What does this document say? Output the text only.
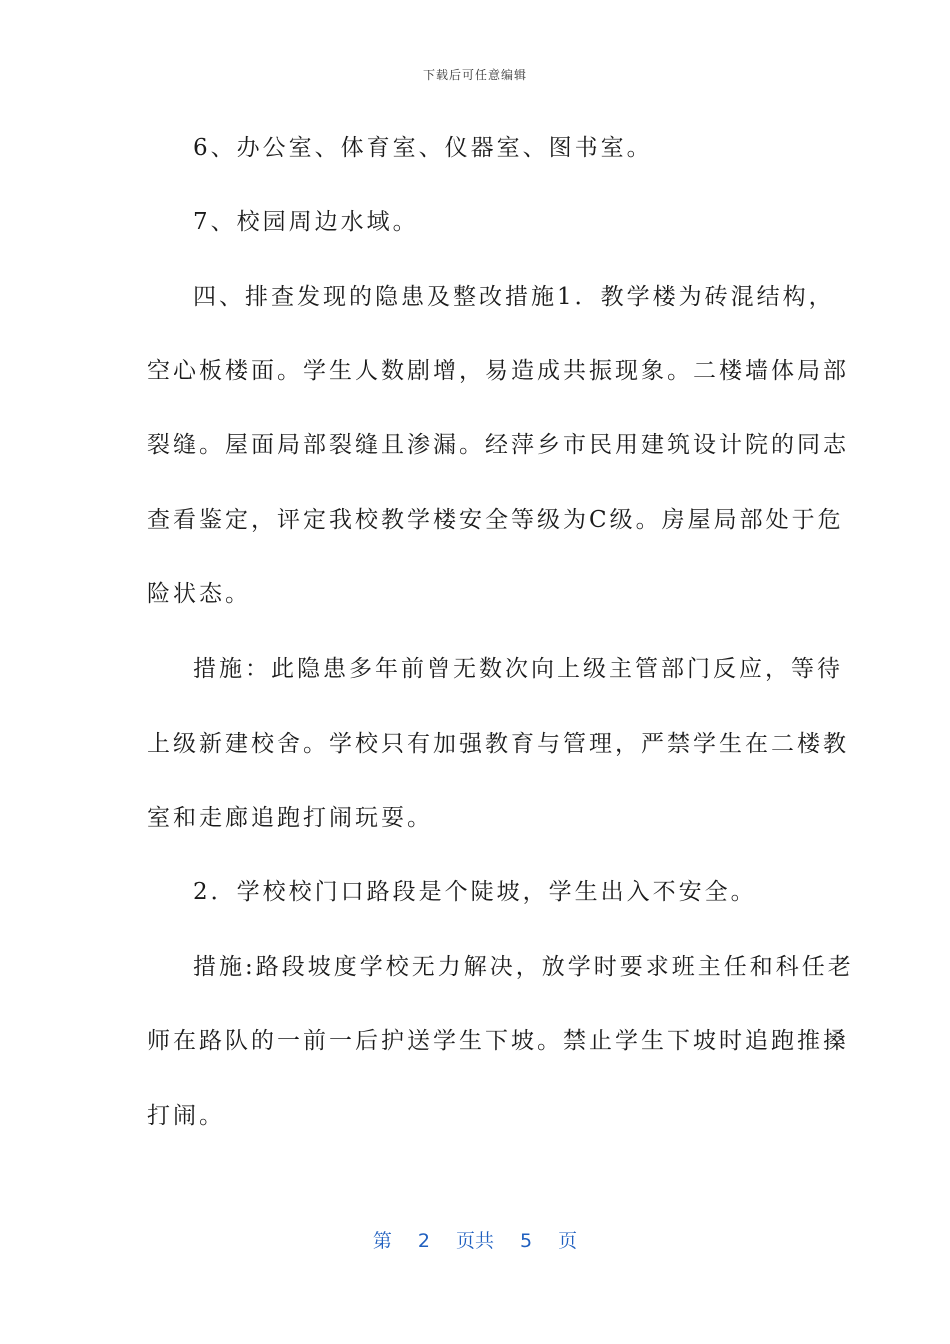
下载后可任意编辑
6、办公室、体育室、仪器室、图书室。
7、校园周边水域。
四、排查发现的隐患及整改措施1．教学楼为砖混结构，
空心板楼面。学生人数剧增，易造成共振现象。二楼墙体局部
裂缝。屋面局部裂缝且渗漏。经萍乡市民用建筑设计院的同志
查看鉴定，评定我校教学楼安全等级为C级。房屋局部处于危
险状态。
措施：此隐患多年前曾无数次向上级主管部门反应，等待
上级新建校舍。学校只有加强教育与管理，严禁学生在二楼教
室和走廊追跑打闹玩耍。
2．学校校门口路段是个陡坡，学生出入不安全。
措施:路段坡度学校无力解决，放学时要求班主任和科任老
师在路队的一前一后护送学生下坡。禁止学生下坡时追跑推搡
打闹。
第 2 页共 5 页
